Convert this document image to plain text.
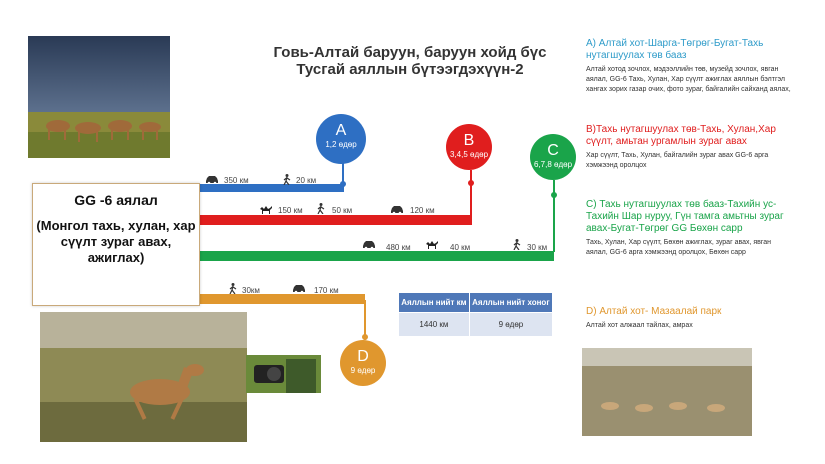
Говь-Алтай баруун, баруун хойд бүс
Тусгай аяллын бүтээгдэхүүн-2
A
1,2 өдөр	B
3,4,5 өдөр	C
6,7,8 өдөр
D
9 өдөр
350 км	20 км
150 км	50 км	120 км
480 км	40 км	30 км
30км	170 км
GG -6 аялал
(Монгол тахь, хулан, хар сүүлт зураг авах, ажиглах)
Аяллын нийт км	Аяллын нийт хоног
1440 км	9 өдөр
А) Алтай хот-Шарга-Төгрөг-Бугат-Тахь нутагшуулах төв бааз
Алтай хотод зочлох, мэдээллийн төв, музейд зочлох, явган аялал, GG-6 Тахь, Хулан, Хар сүүлт ажиглах аяллын бэлтгэл хангах зорих газар очих, фото зураг, байгалийн сайханд аялах,
В)Тахь нутагшуулах төв-Тахь, Хулан,Хар сүүлт, амьтан ургамлын зураг авах
Хар сүүлт, Тахь, Хулан, байгалийн зураг авах GG-6 арга хэмжээнд оролцох
С) Тахь нутагшуулах төв бааз-Тахийн ус- Тахийн Шар нуруу, Гүн тамга амьтны зураг авах-Бугат-Төгрөг GG Бөхөн сарp
Тахь, Хулан, Хар сүүлт, Бөхөн ажиглах, зураг авах, явган аялал, GG-6 арга хэмжээнд оролцох, Бөхөн сарp
D) Алтай хот- Мазаалай парк
Алтай хот алжаал тайлах, амрах
